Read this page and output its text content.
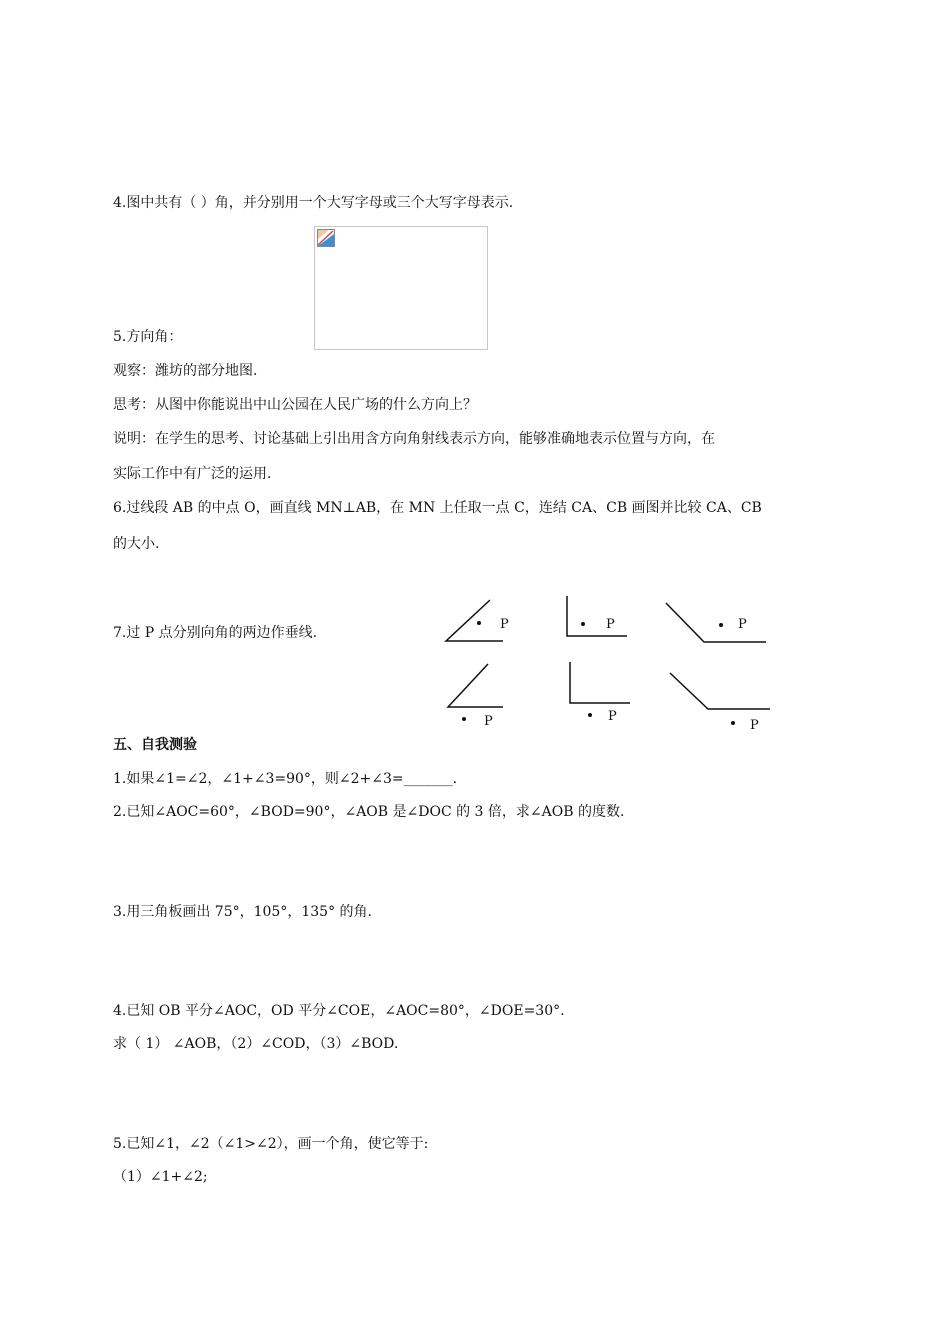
4.图中共有（ ）角，并分别用一个大写字母或三个大写字母表示.
5.方向角：
观察：潍坊的部分地图.
思考：从图中你能说出中山公园在人民广场的什么方向上？
说明：在学生的思考、讨论基础上引出用含方向角射线表示方向，能够准确地表示位置与方向，在
实际工作中有广泛的运用.
6.过线段 AB 的中点 O，画直线 MN⊥AB，在 MN 上任取一点 C，连结 CA、CB 画图并比较 CA、CB
的大小.
7.过 P 点分别向角的两边作垂线.
P	P	P
P	P
P
五、自我测验
1.如果∠1=∠2，∠1+∠3=90°，则∠2+∠3=_______.
2.已知∠AOC=60°，∠BOD=90°，∠AOB 是∠DOC 的 3 倍，求∠AOB 的度数.
3.用三角板画出 75°，105°，135° 的角.
4.已知 OB 平分∠AOC，OD 平分∠COE，∠AOC=80°，∠DOE=30°.
求（ 1） ∠AOB，（2）∠COD，（3）∠BOD.
5.已知∠1，∠2（∠1>∠2），画一个角，使它等于:
（1）∠1+∠2;
